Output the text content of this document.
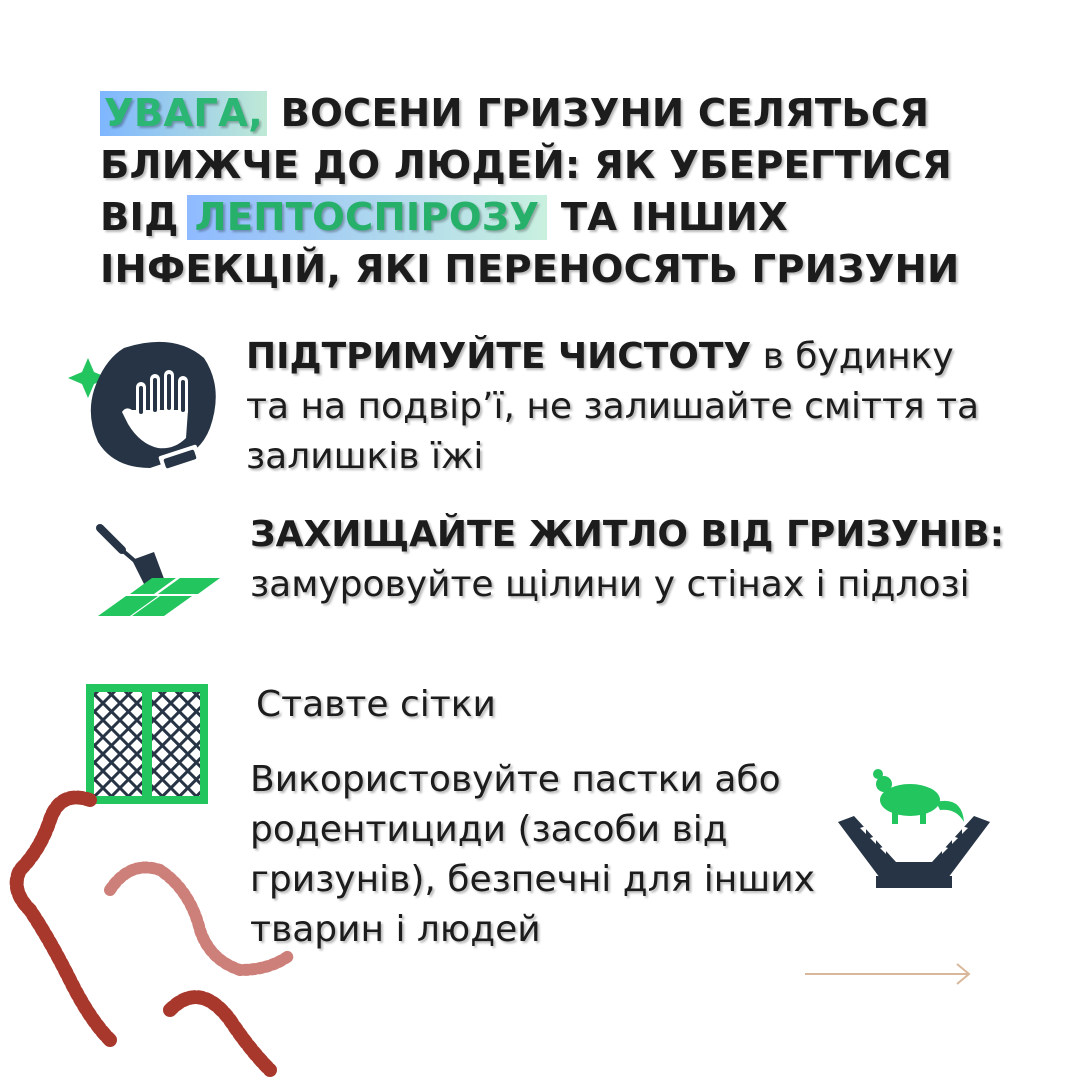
УВАГА, ВОСЕНИ ГРИЗУНИ СЕЛЯТЬСЯ БЛИЖЧЕ ДО ЛЮДЕЙ: ЯК УБЕРЕГТИСЯ ВІД ЛЕПТОСПІРОЗУ ТА ІНШИХ ІНФЕКЦІЙ, ЯКІ ПЕРЕНОСЯТЬ ГРИЗУНИ
ПІДТРИМУЙТЕ ЧИСТОТУ в будинку та на подвір’ї, не залишайте сміття та залишків їжі
ЗАХИЩАЙТЕ ЖИТЛО ВІД ГРИЗУНІВ: замуровуйте щілини у стінах і підлозі
Ставте сітки
Використовуйте пастки або родентициди (засоби від гризунів), безпечні для інших тварин і людей
